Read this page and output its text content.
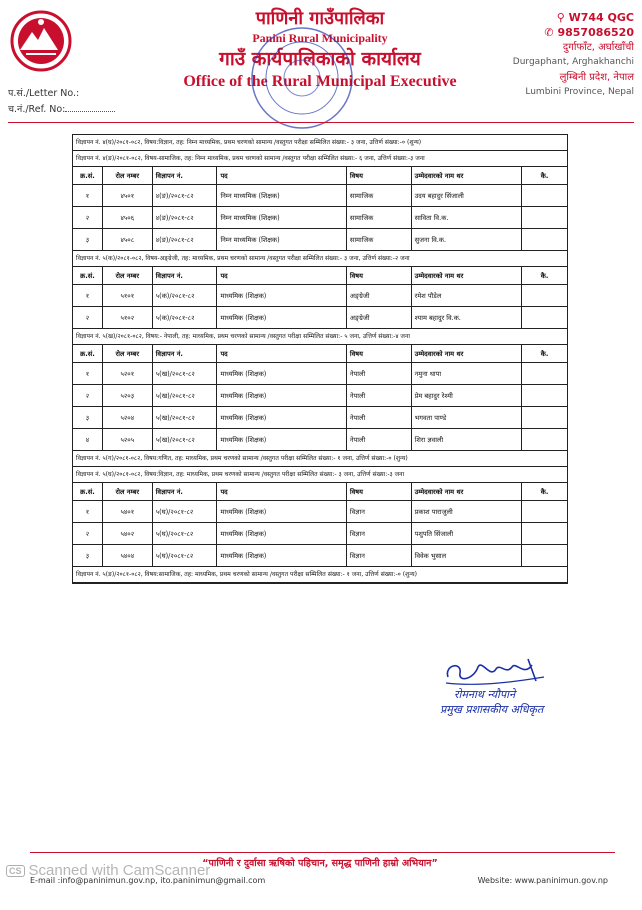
पाणिनी गाउँपालिका
Panini Rural Municipality
गाउँ कार्यपालिकाको कार्यालय
Office of the Rural Municipal Executive
⚲ W744 QGC
✆ 9857086520
दुर्गाफाँट, अर्घाखाँची
Durgaphant, Arghakhanchi
लुम्बिनी प्रदेश, नेपाल
Lumbini Province, Nepal
प.सं./Letter No.:
च.नं./Ref. No:
विज्ञापन नं. ४(घ)/२०८१-०८२, विषय:विज्ञान, तह: निम्न माध्यमिक, प्रथम चरणको सामान्य /वस्तुगत परीक्षा सम्मिलित संख्या:- ३ जना, उत्तिर्ण संख्या:-० (शुन्य)
विज्ञापन नं. ४(ङ)/२०८१-०८२, विषय-सामाजिक, तह: निम्न माध्यमिक, प्रथम चरणको सामान्य /वस्तुगत परीक्षा सम्मिलित संख्या:- ६ जना, उत्तिर्ण संख्या:-३ जना
क्र.सं.	रोल नम्बर	विज्ञापन नं.	पद	विषय	उम्मेदवारको नाम थर	कै.
१	४५०१	४(ङ)/२०८१-८२	निम्न माध्यमिक (शिक्षक)	सामाजिक	उदय बहादुर सिंजाली
२	४५०६	४(ङ)/२०८१-८२	निम्न माध्यमिक (शिक्षक)	सामाजिक	साविता वि.क.
३	४५०८	४(ङ)/२०८१-८२	निम्न माध्यमिक (शिक्षक)	सामाजिक	सुजना वि.क.
विज्ञापन नं. ५(क)/२०८१-०८२, विषय-अङ्ग्रेजी, तह: माध्यमिक, प्रथम चरणको सामान्य /वस्तुगत परीक्षा सम्मिलित संख्या:- ३ जना, उत्तिर्ण संख्या:-२ जना
क्र.सं.	रोल नम्बर	विज्ञापन नं.	पद	विषय	उम्मेदवारको नाम थर	कै.
१	५१०१	५(क)/२०८१-८२	माध्यमिक (शिक्षक)	अङ्ग्रेजी	रमेश पौडेल
२	५१०२	५(क)/२०८१-८२	माध्यमिक (शिक्षक)	अङ्ग्रेजी	श्याम बहादुर वि.क.
विज्ञापन नं. ५(ख)/२०८१-०८२, विषय:- नेपाली, तह: माध्यमिक, प्रथम चरणको सामान्य /वस्तुगत परीक्षा सम्मिलित संख्या:- ५ जना, उत्तिर्ण संख्या:-४ जना
क्र.सं.	रोल नम्बर	विज्ञापन नं.	पद	विषय	उम्मेदवारको नाम थर	कै.
१	५२०१	५(ख)/२०८१-८२	माध्यमिक (शिक्षक)	नेपाली	नमुना थापा
२	५२०३	५(ख)/२०८१-८२	माध्यमिक (शिक्षक)	नेपाली	प्रेम बहादुर रेश्मी
३	५२०४	५(ख)/२०८१-८२	माध्यमिक (शिक्षक)	नेपाली	भगवता पाण्डे
४	५२०५	५(ख)/२०८१-८२	माध्यमिक (शिक्षक)	नेपाली	शिरा ज्ञवाली
विज्ञापन नं. ५(ग)/२०८१-०८२, विषय:गणित, तह: माध्यमिक, प्रथम चरणको सामान्य /वस्तुगत परीक्षा सम्मिलित संख्या:- १ जना, उत्तिर्ण संख्या:-० (शुन्य)
विज्ञापन नं. ५(घ)/२०८१-०८२, विषय:विज्ञान, तह: माध्यमिक, प्रथम चरणको सामान्य /वस्तुगत परीक्षा सम्मिलित संख्या:- ३ जना, उत्तिर्ण संख्या:-३ जना
क्र.सं.	रोल नम्बर	विज्ञापन नं.	पद	विषय	उम्मेदवारको नाम थर	कै.
१	५४०१	५(घ)/२०८१-८२	माध्यमिक (शिक्षक)	विज्ञान	प्रकाश पाराजुली
२	५४०२	५(घ)/२०८१-८२	माध्यमिक (शिक्षक)	विज्ञान	पशुपति सिंजाली
३	५४०४	५(घ)/२०८१-८२	माध्यमिक (शिक्षक)	विज्ञान	विवेक भुसाल
विज्ञापन नं. ५(ङ)/२०८१-०८२, विषय:सामाजिक, तह: माध्यमिक, प्रथम चरणको सामान्य /वस्तुगत परीक्षा सम्मिलित संख्या:- १ जना, उत्तिर्ण संख्या:-० (शुन्य)
रोमनाथ न्यौपाने
प्रमुख प्रशासकीय अधिकृत
“पाणिनी र दुर्वासा ऋषिको पहिचान, समृद्ध पाणिनी हाम्रो अभियान”
E-mail :info@paninimun.gov.np, ito.paninimun@gmail.com	Website: www.paninimun.gov.np
CS Scanned with CamScanner
